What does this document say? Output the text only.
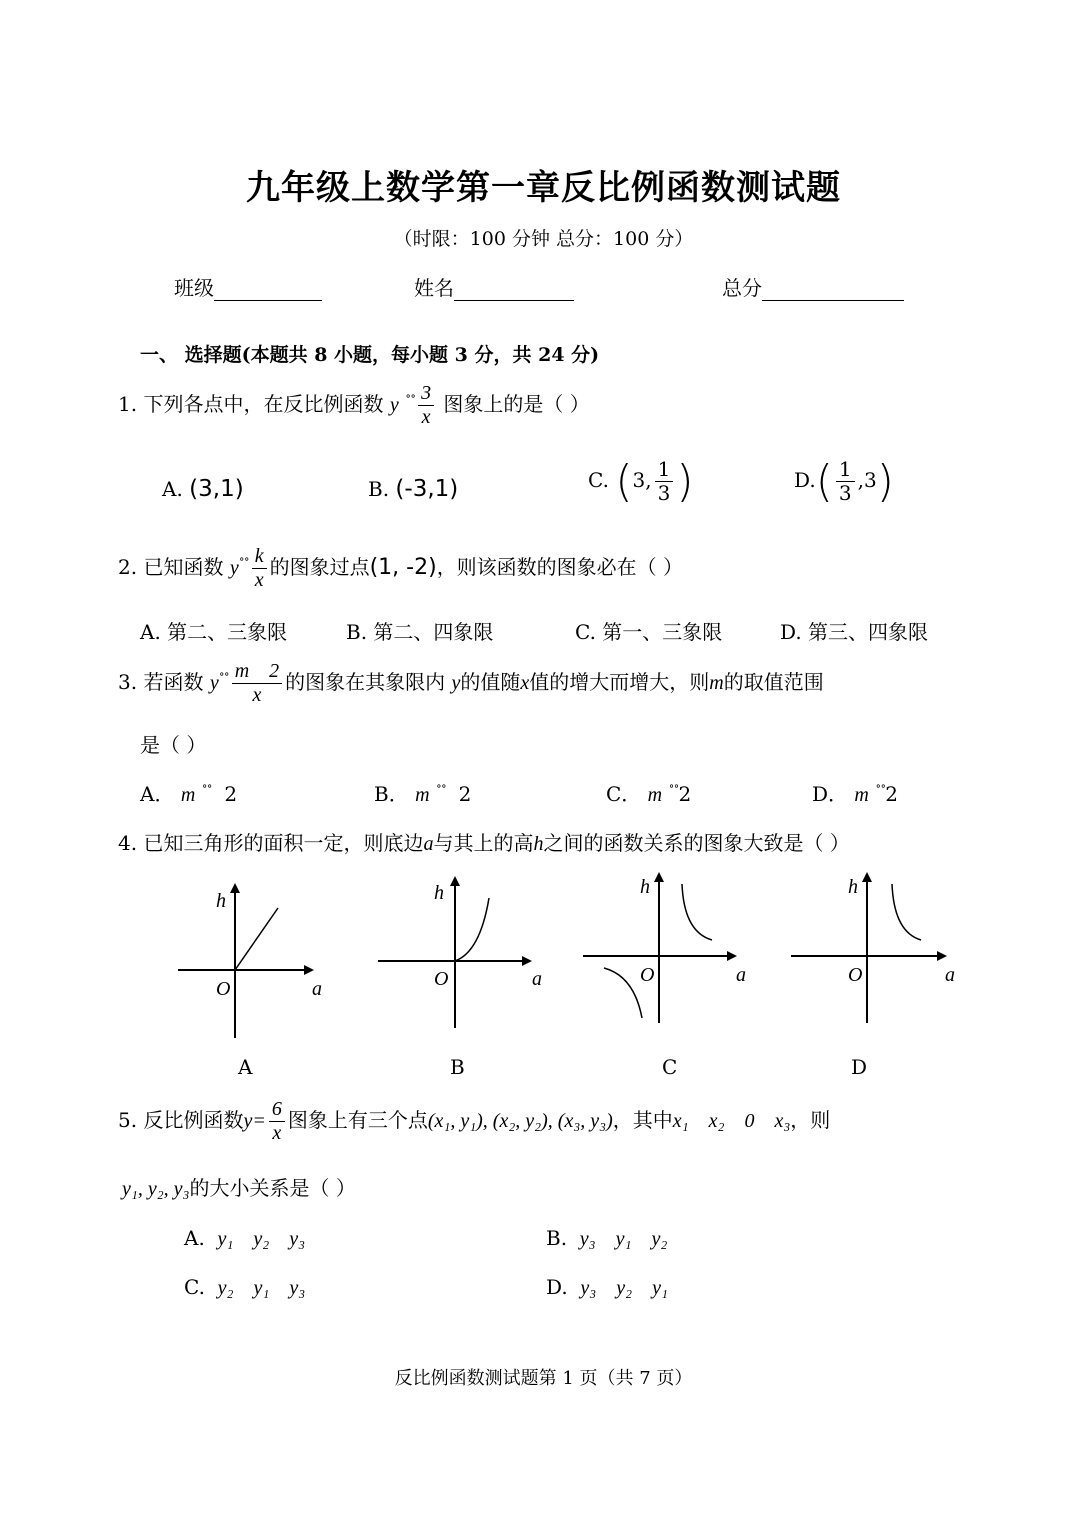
九年级上数学第一章反比例函数测试题
（时限：100 分钟 总分：100 分）
班级	姓名	总分
一、 选择题(本题共 8 小题，每小题 3 分，共 24 分)
1. 下列各点中，在反比例函数 y $^{˚˚} \frac{3}{x}$ 图象上的是（ ）
A. (3,1)	B. (-3,1)	C. (3, $\frac{1}{3}$ )	$D.( \frac{1}{3} ,3)$
2. 已知函数 $y^{˚˚} \frac{k}{x}$ 的图象过点(1, -2)，则该函数的图象必在（ ）
A. 第二、三象限	B. 第二、四象限	C. 第一、三象限	D. 第三、四象限
3. 若函数 $y^{˚˚} \frac{m 2}{x}$ 的图象在其象限内 y的值随x值的增大而增大，则m的取值范围
是（ ）
A． m ˚˚ 2	B． m ˚˚ 2	C． m ˚˚2	D． m ˚˚2
4. 已知三角形的面积一定，则底边a与其上的高h之间的函数关系的图象大致是（ ）
h
O	a
A
h
O	a
B
h
O	a
C
h
O	a
D
5. 反比例函数$y= \frac{6}{x}$ 图象上有三个点(x₁, y₁), (x₂, y₂), (x₃, y₃)，其中x₁    x₂    0    x₃，则
y₁, y₂, y₃的大小关系是（ ）
A. y₁    y₂    y₃	B. y₃    y₁    y₂
C. y₂    y₁    y₃	D. y₃    y₂    y₁
反比例函数测试题第 1 页（共 7 页）
